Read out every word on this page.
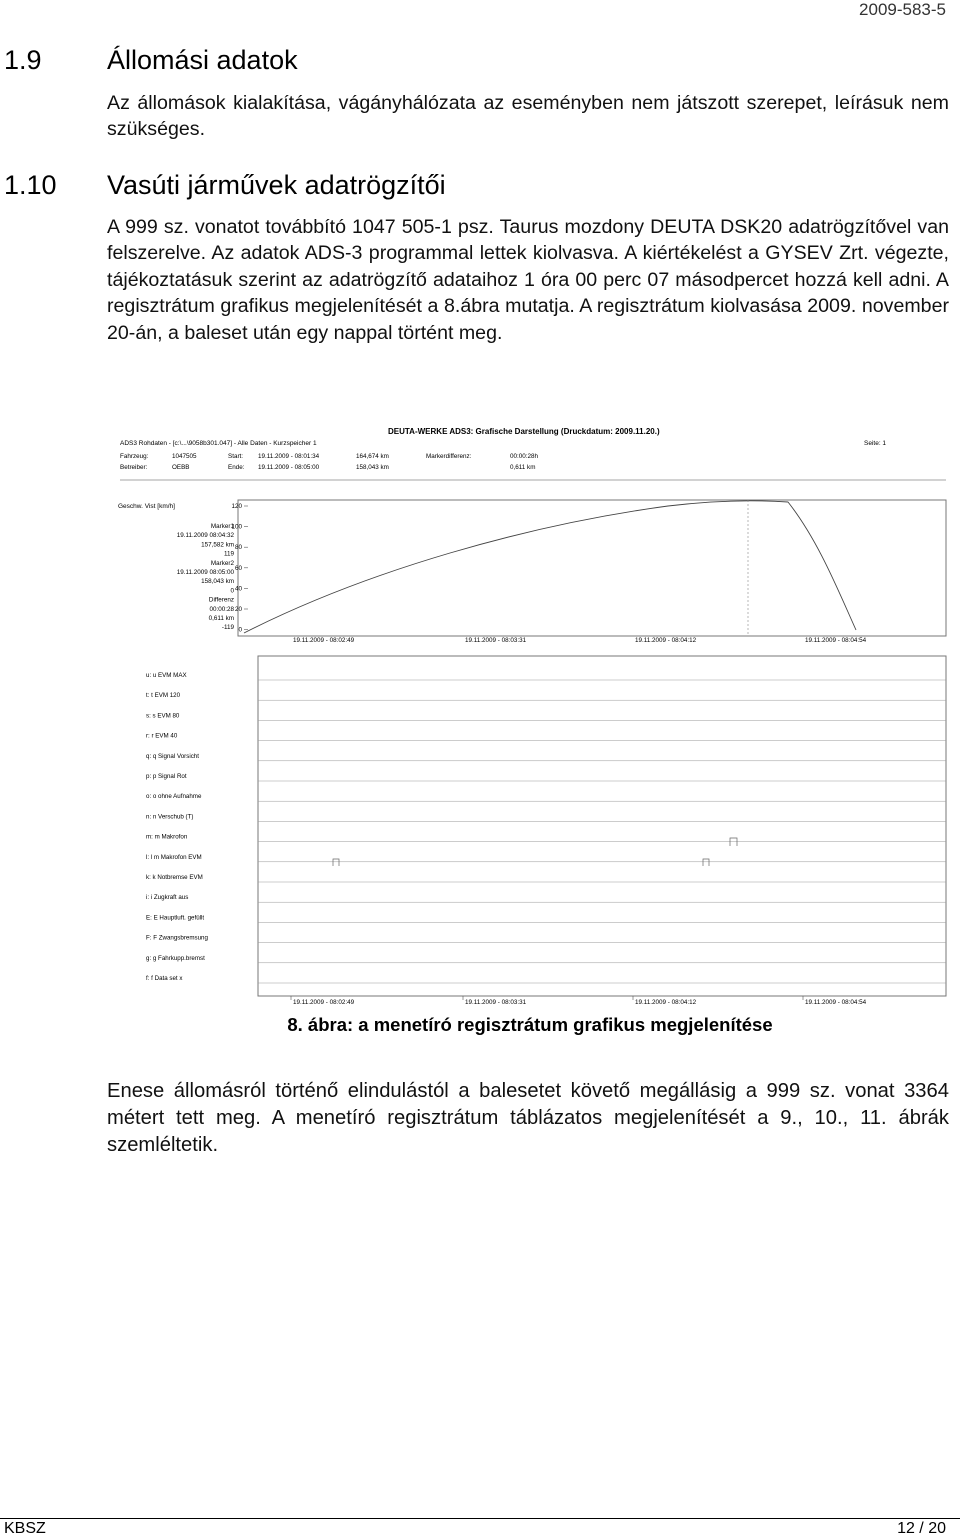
2009-583-5
1.9 Állomási adatok

Az állomások kialakítása, vágányhálózata az eseményben nem játszott szerepet, leírásuk nem szükséges.

1.10 Vasúti járművek adatrögzítői

A 999 sz. vonatot továbbító 1047 505-1 psz. Taurus mozdony DEUTA DSK20 adatrögzítővel van felszerelve. Az adatok ADS-3 programmal lettek kiolvasva. A kiértékelést a GYSEV Zrt. végezte, tájékoztatásuk szerint az adatrögzítő adataihoz 1 óra 00 perc 07 másodpercet hozzá kell adni. A regisztrátum grafikus megjelenítését a 8.ábra mutatja. A regisztrátum kiolvasása 2009. november 20-án, a baleset után egy nappal történt meg.

DEUTA-WERKE ADS3: Grafische Darstellung (Druckdatum: 2009.11.20.)
ADS3 Rohdaten - [c:\...\9058b301.047] - Alle Daten - Kurzspeicher 1	Seite: 1
Fahrzeug:	1047505	Start: 19.11.2009 - 08:01:34	164,674 km	Markerdifferenz:	00:00:28h
Betreiber:	OEBB	Ende: 19.11.2009 - 08:05:00	158,043 km	0,611 km
Geschw. Vist [km/h]
Marker1
19.11.2009 08:04:32
157,582 km
119
Marker2
19.11.2009 08:05:00
158,043 km
0
Differenz
00:00:28
0,611 km
-119
120
100
80
60
40
20
0
19.11.2009 - 08:02:49	19.11.2009 - 08:03:31	19.11.2009 - 08:04:12	19.11.2009 - 08:04:54
u: u EVM MAX
t: t EVM 120
s: s EVM 80
r: r EVM 40
q: q Signal Vorsicht
p: p Signal Rot
o: o ohne Aufnahme
n: n Verschub (T)
m: m Makrofon
l: l m Makrofon EVM
k: k Notbremse EVM
i: i Zugkraft aus
E: E Hauptluft. gefüllt
F: F Zwangsbremsung
g: g Fahrkupp.bremst
f: f Data set x
19.11.2009 - 08:02:49	19.11.2009 - 08:03:31	19.11.2009 - 08:04:12	19.11.2009 - 08:04:54
8. ábra: a menetíró regisztrátum grafikus megjelenítése

Enese állomásról történő elindulástól a balesetet követő megállásig a 999 sz. vonat 3364 métert tett meg. A menetíró regisztrátum táblázatos megjelenítését a 9., 10., 11. ábrák szemléltetik.

KBSZ	12 / 20
